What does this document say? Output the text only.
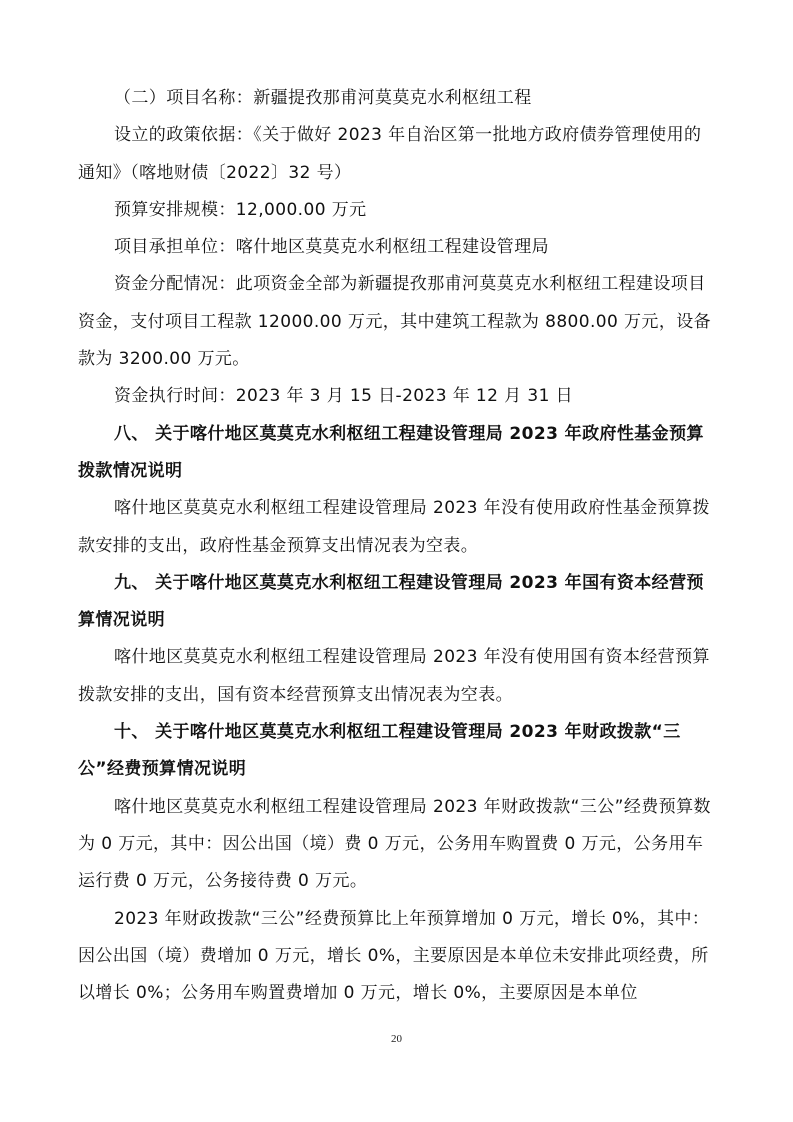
（二）项目名称：新疆提孜那甫河莫莫克水利枢纽工程

设立的政策依据：《关于做好 2023 年自治区第一批地方政府债券管理使用的通知》（喀地财债〔2022〕32 号）

预算安排规模：12,000.00 万元

项目承担单位：喀什地区莫莫克水利枢纽工程建设管理局

资金分配情况：此项资金全部为新疆提孜那甫河莫莫克水利枢纽工程建设项目资金，支付项目工程款 12000.00 万元，其中建筑工程款为 8800.00 万元，设备款为 3200.00 万元。

资金执行时间：2023 年 3 月 15 日-2023 年 12 月 31 日

八、 关于喀什地区莫莫克水利枢纽工程建设管理局 2023 年政府性基金预算拨款情况说明

喀什地区莫莫克水利枢纽工程建设管理局 2023 年没有使用政府性基金预算拨款安排的支出，政府性基金预算支出情况表为空表。

九、 关于喀什地区莫莫克水利枢纽工程建设管理局 2023 年国有资本经营预算情况说明

喀什地区莫莫克水利枢纽工程建设管理局 2023 年没有使用国有资本经营预算拨款安排的支出，国有资本经营预算支出情况表为空表。

十、 关于喀什地区莫莫克水利枢纽工程建设管理局 2023 年财政拨款“三公”经费预算情况说明

喀什地区莫莫克水利枢纽工程建设管理局 2023 年财政拨款“三公”经费预算数为 0 万元，其中：因公出国（境）费 0 万元，公务用车购置费 0 万元，公务用车运行费 0 万元，公务接待费 0 万元。

2023 年财政拨款“三公”经费预算比上年预算增加 0 万元，增长 0%，其中：因公出国（境）费增加 0 万元，增长 0%，主要原因是本单位未安排此项经费，所以增长 0%；公务用车购置费增加 0 万元，增长 0%，主要原因是本单位

20
